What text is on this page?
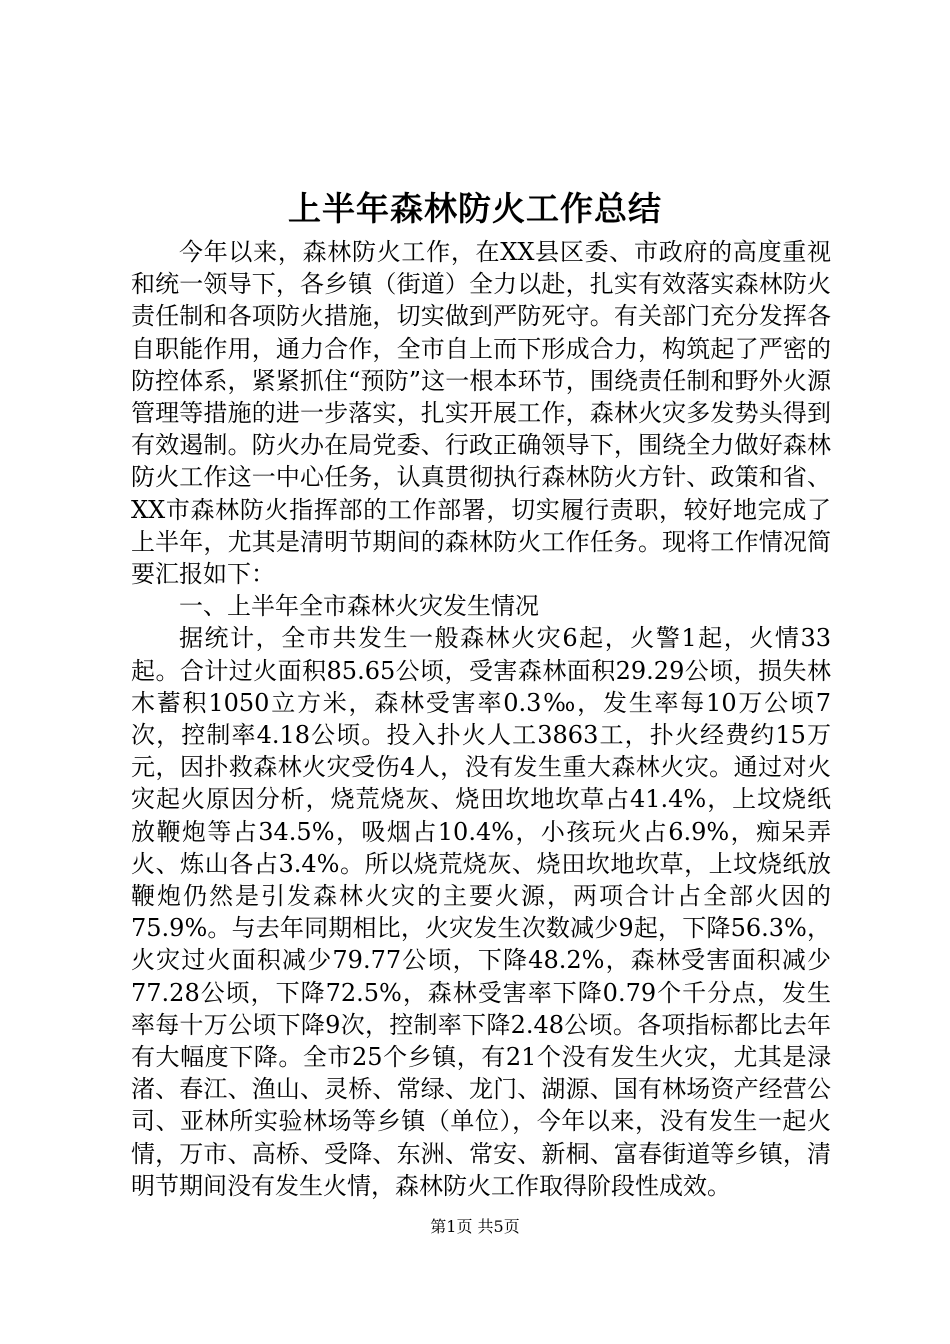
上半年森林防火工作总结

今年以来，森林防火工作，在XX县区委、市政府的高度重视和统一领导下，各乡镇（街道）全力以赴，扎实有效落实森林防火责任制和各项防火措施，切实做到严防死守。有关部门充分发挥各自职能作用，通力合作，全市自上而下形成合力，构筑起了严密的防控体系，紧紧抓住“预防”这一根本环节，围绕责任制和野外火源管理等措施的进一步落实，扎实开展工作，森林火灾多发势头得到有效遏制。防火办在局党委、行政正确领导下，围绕全力做好森林防火工作这一中心任务，认真贯彻执行森林防火方针、政策和省、XX市森林防火指挥部的工作部署，切实履行责职，较好地完成了上半年，尤其是清明节期间的森林防火工作任务。现将工作情况简要汇报如下：

一、上半年全市森林火灾发生情况

据统计，全市共发生一般森林火灾6起，火警1起，火情33起。合计过火面积85.65公顷，受害森林面积29.29公顷，损失林木蓄积1050立方米，森林受害率0.3‰，发生率每10万公顷7次，控制率4.18公顷。投入扑火人工3863工，扑火经费约15万元，因扑救森林火灾受伤4人，没有发生重大森林火灾。通过对火灾起火原因分析，烧荒烧灰、烧田坎地坎草占41.4%，上坟烧纸放鞭炮等占34.5%，吸烟占10.4%，小孩玩火占6.9%，痴呆弄火、炼山各占3.4%。所以烧荒烧灰、烧田坎地坎草，上坟烧纸放鞭炮仍然是引发森林火灾的主要火源，两项合计占全部火因的75.9%。与去年同期相比，火灾发生次数减少9起，下降56.3%，火灾过火面积减少79.77公顷，下降48.2%，森林受害面积减少77.28公顷，下降72.5%，森林受害率下降0.79个千分点，发生率每十万公顷下降9次，控制率下降2.48公顷。各项指标都比去年有大幅度下降。全市25个乡镇，有21个没有发生火灾，尤其是渌渚、春江、渔山、灵桥、常绿、龙门、湖源、国有林场资产经营公司、亚林所实验林场等乡镇（单位），今年以来，没有发生一起火情，万市、高桥、受降、东洲、常安、新桐、富春街道等乡镇，清明节期间没有发生火情，森林防火工作取得阶段性成效。

第1页 共5页
